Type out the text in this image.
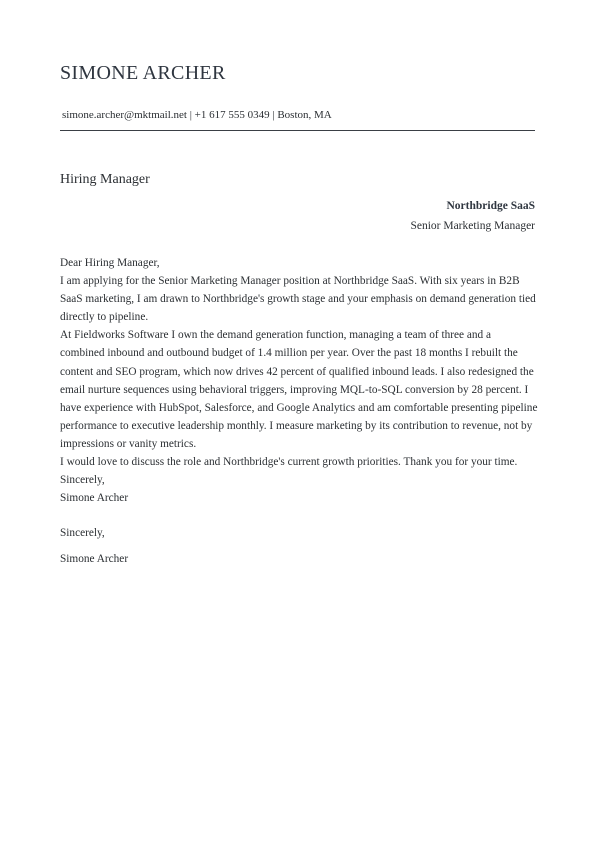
SIMONE ARCHER
simone.archer@mktmail.net | +1 617 555 0349 | Boston, MA
Hiring Manager
Northbridge SaaS
Senior Marketing Manager

Dear Hiring Manager,

I am applying for the Senior Marketing Manager position at Northbridge SaaS. With six years in B2B SaaS marketing, I am drawn to Northbridge's growth stage and your emphasis on demand generation tied directly to pipeline.

At Fieldworks Software I own the demand generation function, managing a team of three and a combined inbound and outbound budget of 1.4 million per year. Over the past 18 months I rebuilt the content and SEO program, which now drives 42 percent of qualified inbound leads. I also redesigned the email nurture sequences using behavioral triggers, improving MQL-to-SQL conversion by 28 percent. I have experience with HubSpot, Salesforce, and Google Analytics and am comfortable presenting pipeline performance to executive leadership monthly. I measure marketing by its contribution to revenue, not by impressions or vanity metrics.

I would love to discuss the role and Northbridge's current growth priorities. Thank you for your time.

Sincerely,

Simone Archer

Sincerely,
Simone Archer
